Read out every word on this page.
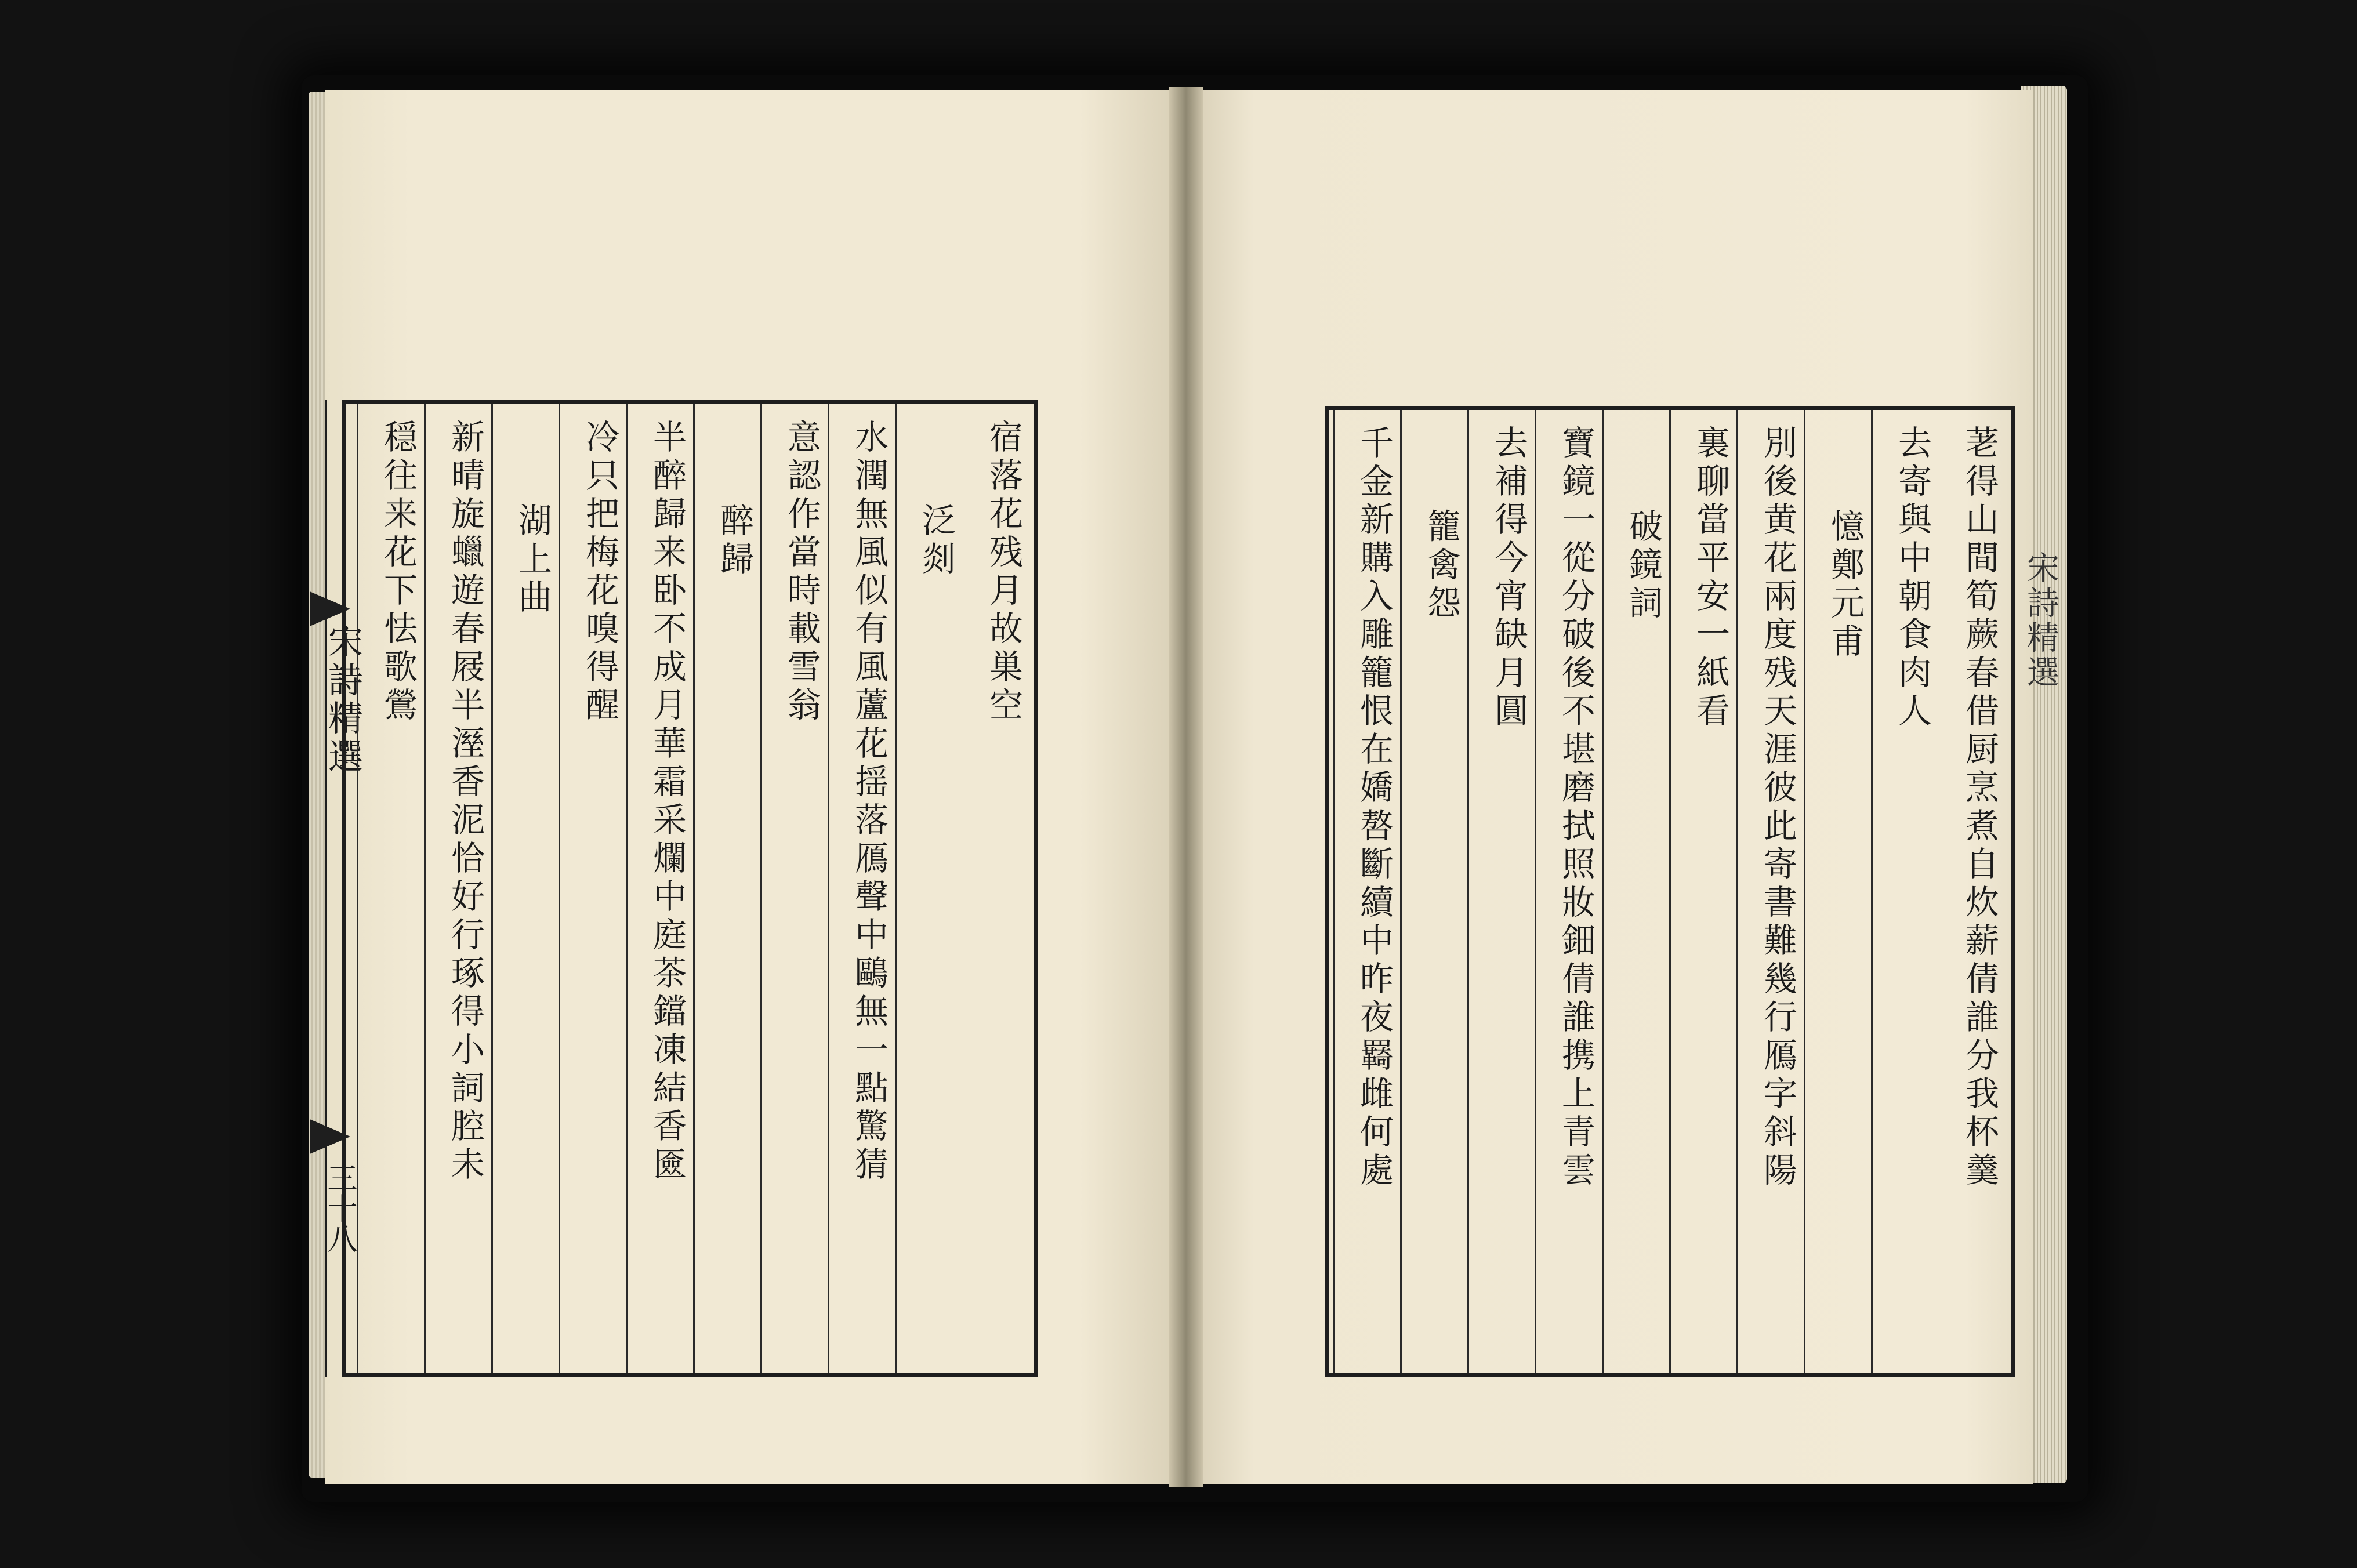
宋詩精選
三十八
宋詩精選
宿落花残月故巣空
泛剡
水潤無風似有風蘆花揺落鴈聲中鷗無一點驚猜
意認作當時載雪翁
醉歸
半醉歸来卧不成月華霜采爛中庭茶鐺凍結香匳
冷只把梅花嗅得醒
湖上曲
新晴旋蠟遊春屐半溼香泥恰好行琢得小詞腔未
穏往来花下怯歌鶯	荖得山間筍蕨春借厨烹煮自炊薪倩誰分我杯羹
去寄與中朝食肉人
憶鄭元甫
別後黄花兩度残天涯彼此寄書難幾行鴈字斜陽
裏聊當平安一紙看
破鏡詞
寶鏡一從分破後不堪磨拭照妝鈿倩誰携上青雲
去補得今宵缺月圓
籠禽怨
千金新購入雕籠恨在嬌嗸斷續中昨夜羇雌何處
